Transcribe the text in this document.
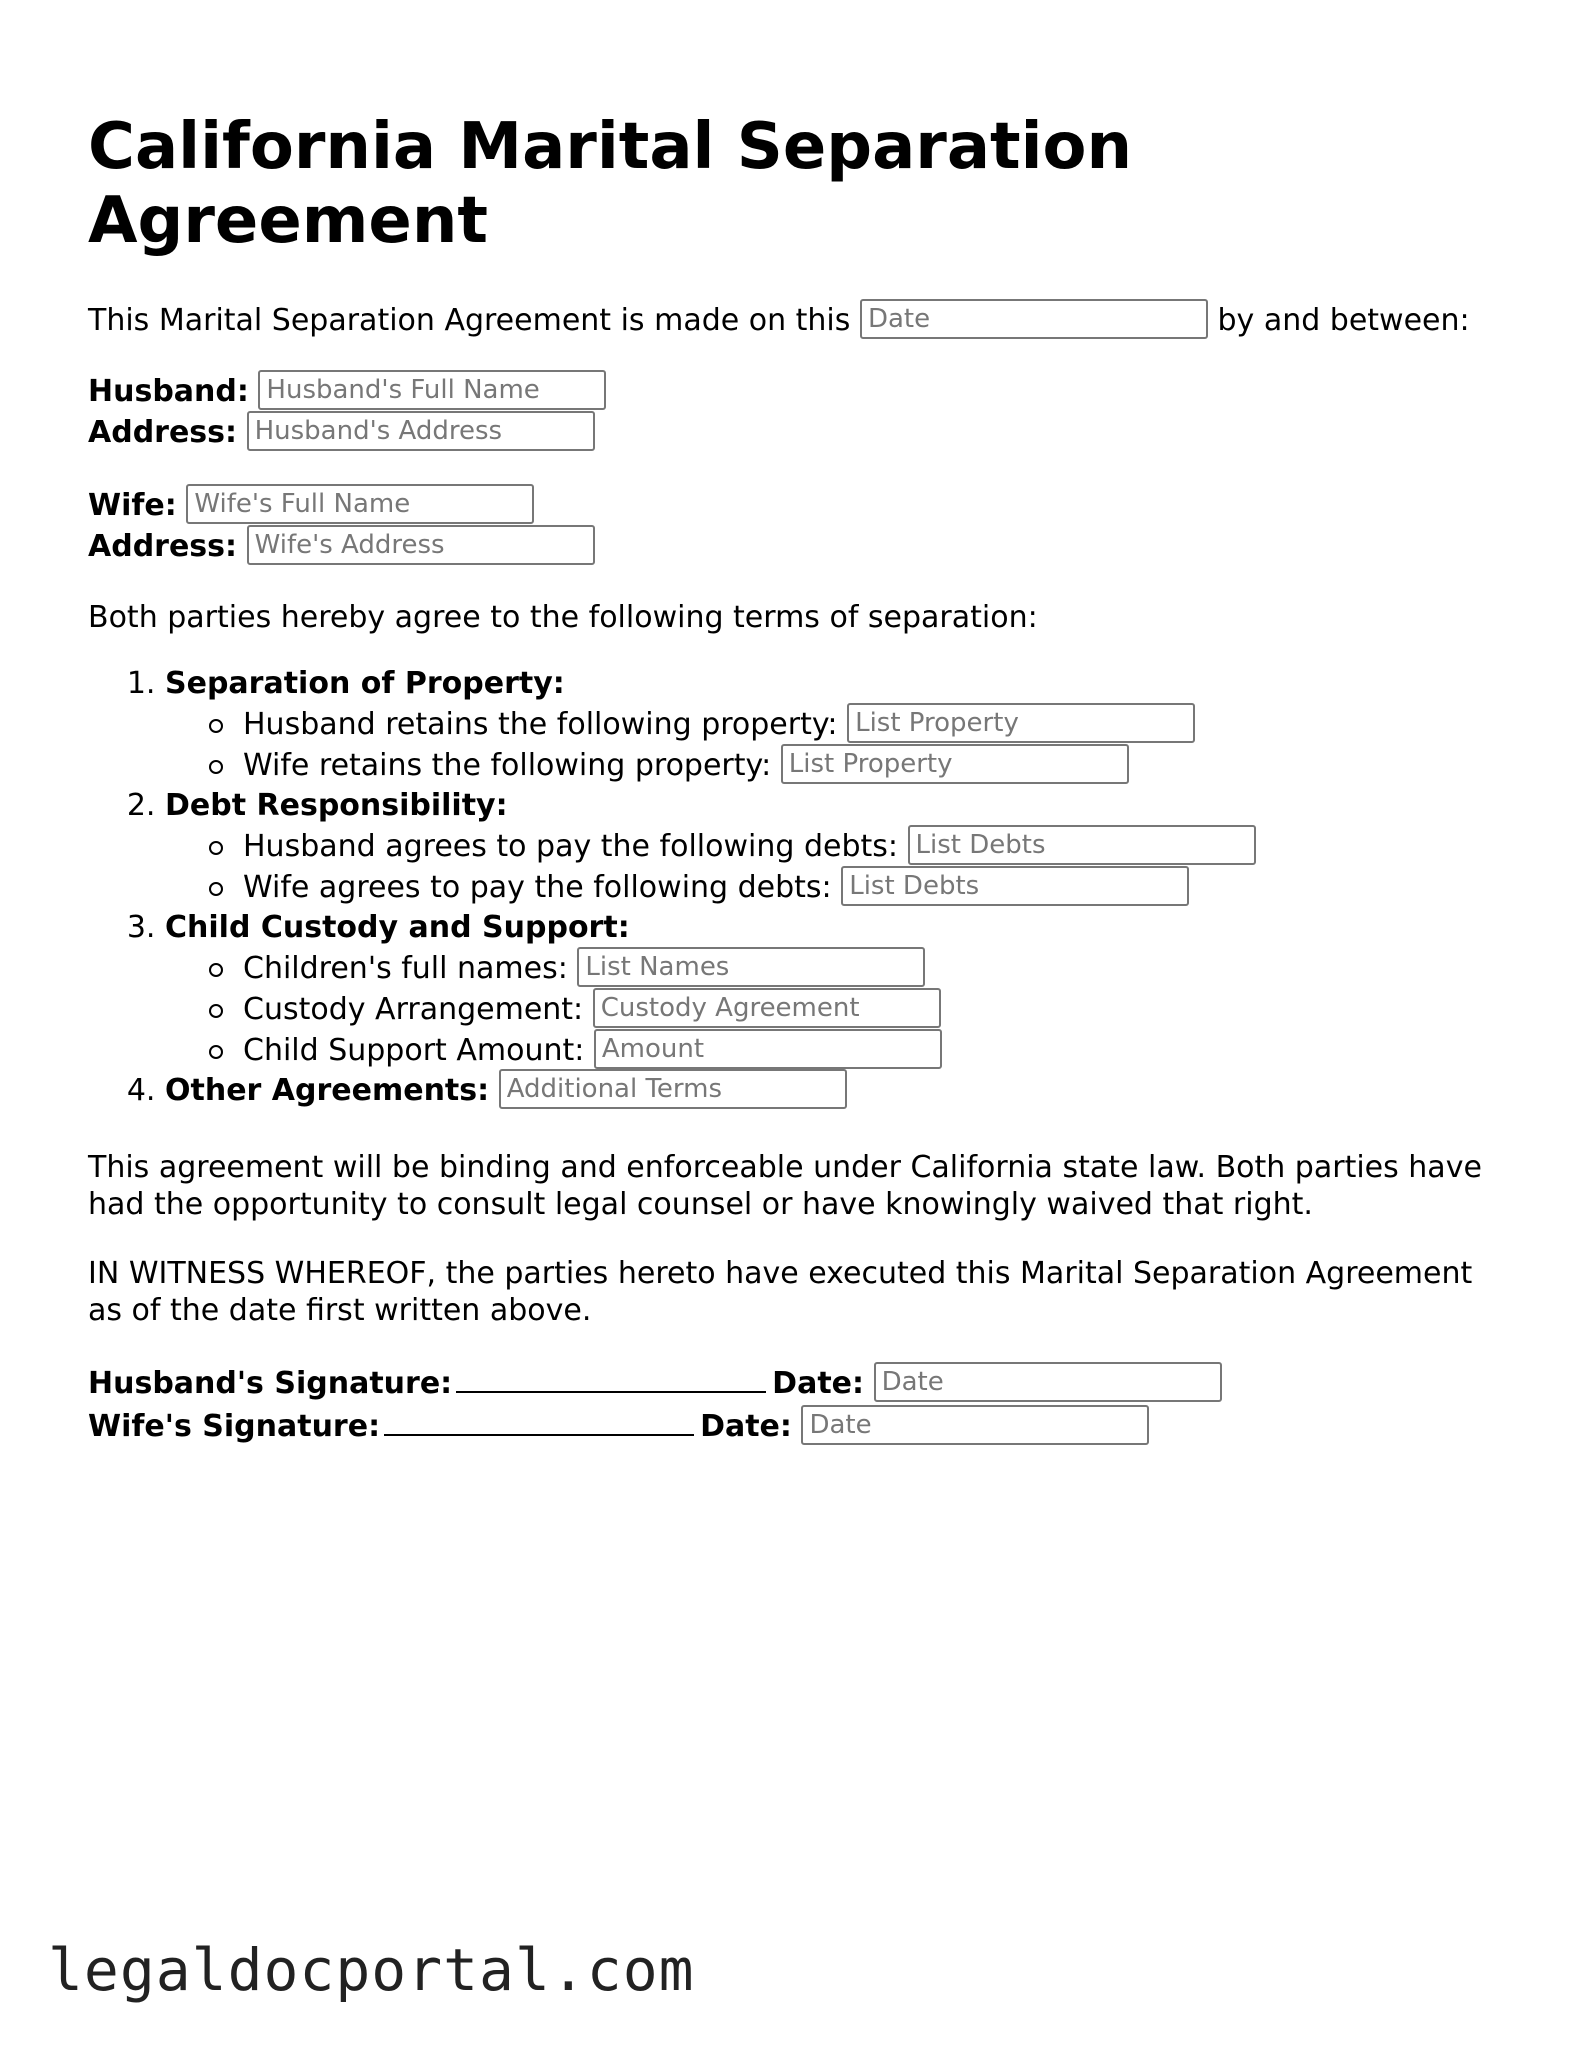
California Marital Separation Agreement

This Marital Separation Agreement is made on this Date	by and between:

Husband: Husband's Full Name
Address: Husband's Address
Wife: Wife's Full Name
Address: Wife's Address

Both parties hereby agree to the following terms of separation:

1. Separation of Property:
Husband retains the following property: List Property
Wife retains the following property: List Property
2. Debt Responsibility:
Husband agrees to pay the following debts: List Debts
Wife agrees to pay the following debts: List Debts
3. Child Custody and Support:
Children's full names: List Names
Custody Arrangement: Custody Agreement
Child Support Amount: Amount
4. Other Agreements: Additional Terms

This agreement will be binding and enforceable under California state law. Both parties have had the opportunity to consult legal counsel or have knowingly waived that right.

IN WITNESS WHEREOF, the parties hereto have executed this Marital Separation Agreement as of the date first written above.

Husband's Signature:	Date: Date
Wife's Signature:	Date: Date
legaldocportal.com
